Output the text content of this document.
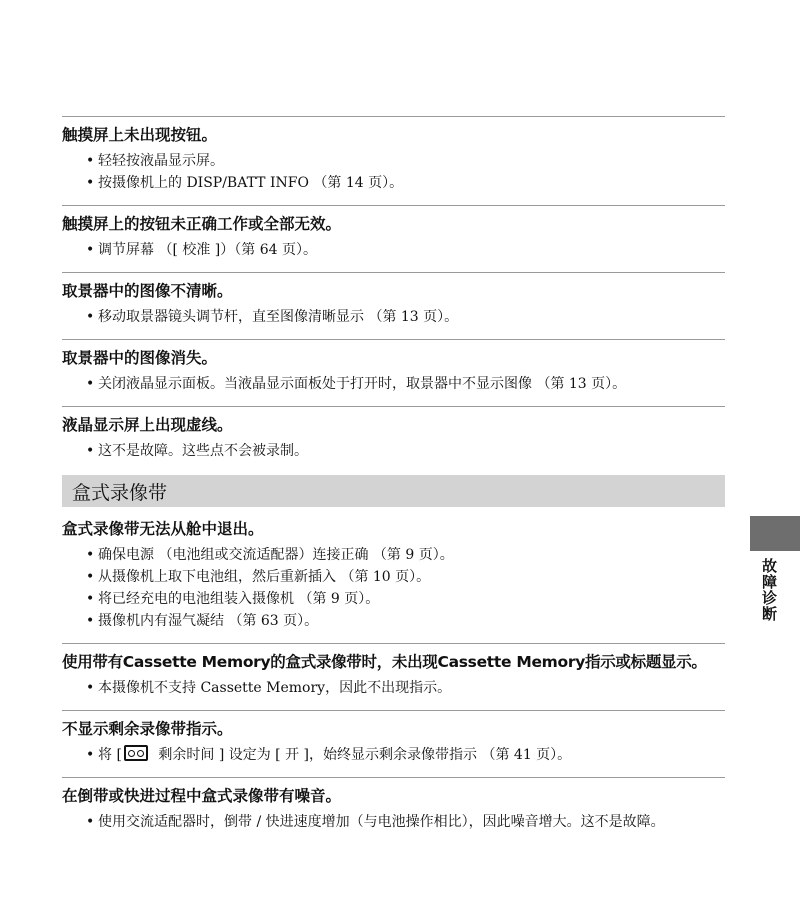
触摸屏上未出现按钮。
• 轻轻按液晶显示屏。
• 按摄像机上的 DISP/BATT INFO （第 14 页）。
触摸屏上的按钮未正确工作或全部无效。
• 调节屏幕 （[ 校准 ]）（第 64 页）。
取景器中的图像不清晰。
• 移动取景器镜头调节杆，直至图像清晰显示 （第 13 页）。
取景器中的图像消失。
• 关闭液晶显示面板。当液晶显示面板处于打开时，取景器中不显示图像 （第 13 页）。
液晶显示屏上出现虚线。
• 这不是故障。这些点不会被录制。
盒式录像带
盒式录像带无法从舱中退出。
• 确保电源 （电池组或交流适配器）连接正确 （第 9 页）。
• 从摄像机上取下电池组，然后重新插入 （第 10 页）。
• 将已经充电的电池组装入摄像机 （第 9 页）。
• 摄像机内有湿气凝结 （第 63 页）。
使用带有Cassette Memory的盒式录像带时，未出现Cassette Memory指示或标题显示。
• 本摄像机不支持 Cassette Memory，因此不出现指示。
不显示剩余录像带指示。
• 将 [ 剩余时间 ] 设定为 [ 开 ]，始终显示剩余录像带指示 （第 41 页）。
在倒带或快进过程中盒式录像带有噪音。
• 使用交流适配器时，倒带 / 快进速度增加（与电池操作相比），因此噪音增大。这不是故障。
故障诊断
